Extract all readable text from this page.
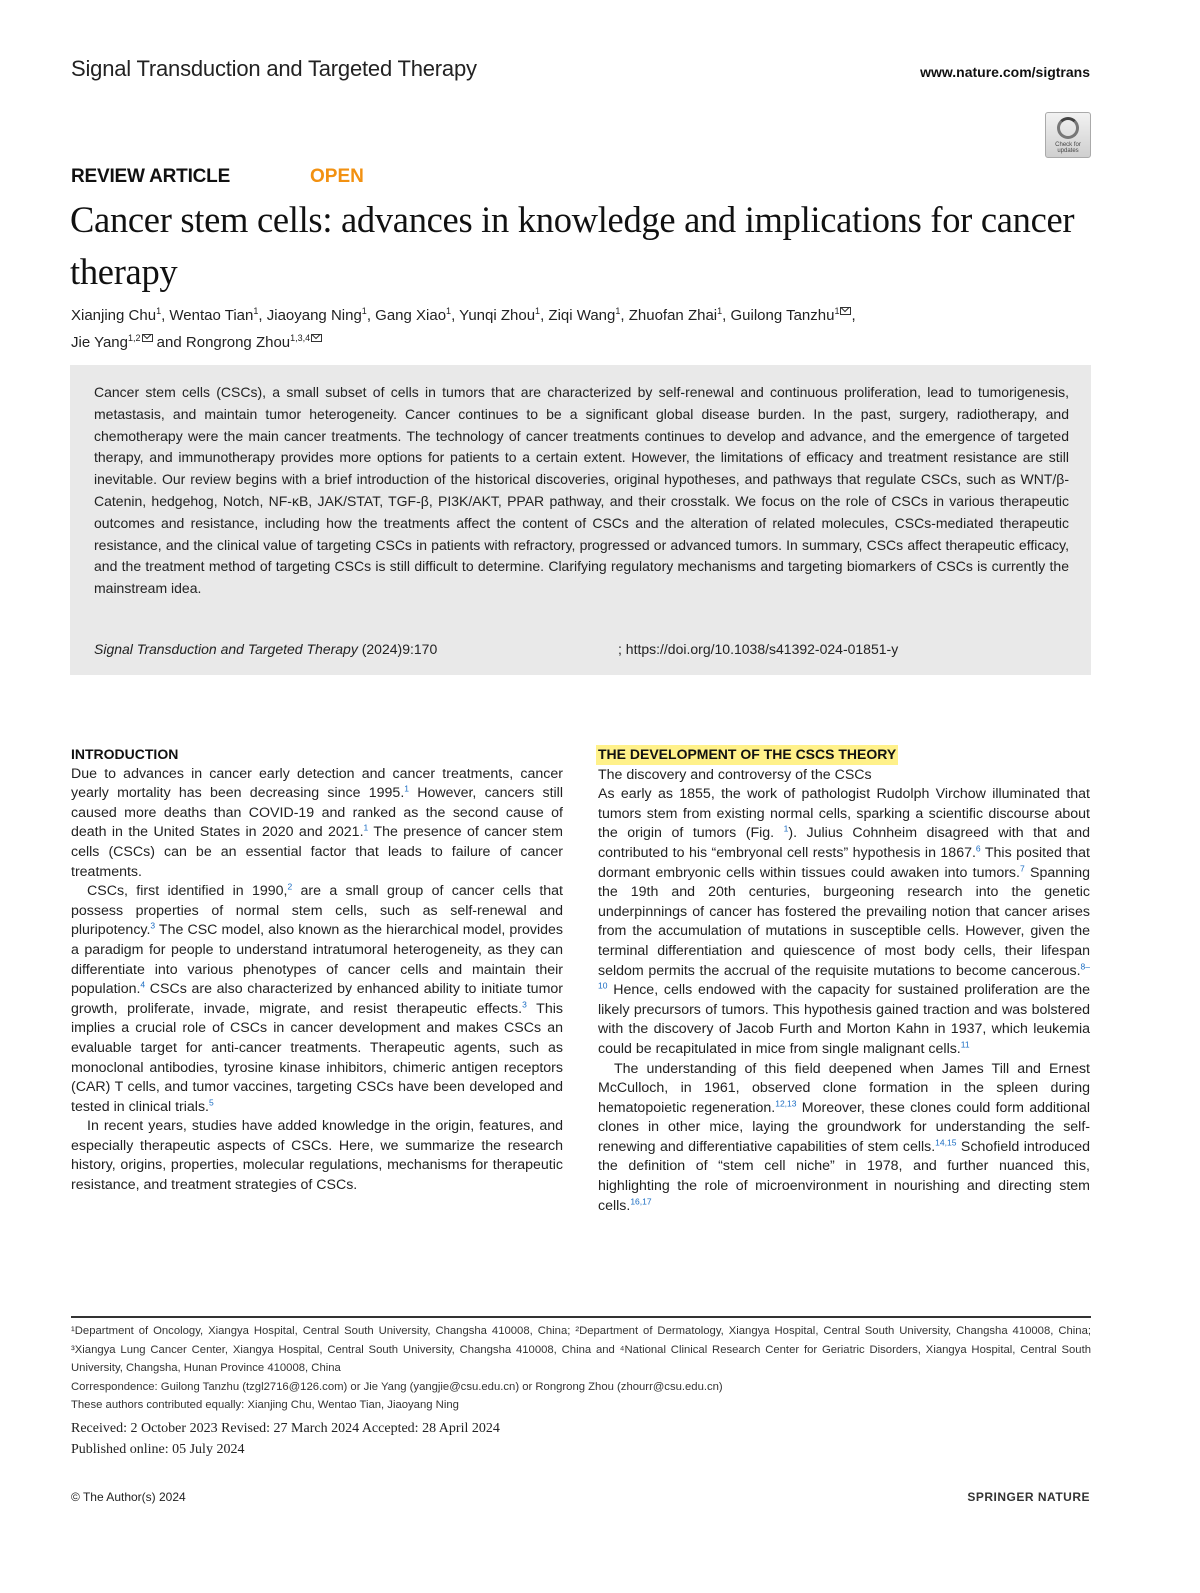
Signal Transduction and Targeted Therapy	www.nature.com/sigtrans
Check for updates
REVIEW ARTICLE	OPEN
Cancer stem cells: advances in knowledge and implications for cancer therapy
Xianjing Chu$^1$, Wentao Tian$^1$, Jiaoyang Ning$^1$, Gang Xiao$^1$, Yunqi Zhou$^1$, Ziqi Wang$^1$, Zhuofan Zhai$^1$, Guilong Tanzhu$^1$ ,
Jie Yang$^{1,2}$ and Rongrong Zhou$^{1,3,4}$
Cancer stem cells (CSCs), a small subset of cells in tumors that are characterized by self-renewal and continuous proliferation, lead to tumorigenesis, metastasis, and maintain tumor heterogeneity. Cancer continues to be a significant global disease burden. In the past, surgery, radiotherapy, and chemotherapy were the main cancer treatments. The technology of cancer treatments continues to develop and advance, and the emergence of targeted therapy, and immunotherapy provides more options for patients to a certain extent. However, the limitations of efficacy and treatment resistance are still inevitable. Our review begins with a brief introduction of the historical discoveries, original hypotheses, and pathways that regulate CSCs, such as WNT/β-Catenin, hedgehog, Notch, NF-κB, JAK/STAT, TGF-β, PI3K/AKT, PPAR pathway, and their crosstalk. We focus on the role of CSCs in various therapeutic outcomes and resistance, including how the treatments affect the content of CSCs and the alteration of related molecules, CSCs-mediated therapeutic resistance, and the clinical value of targeting CSCs in patients with refractory, progressed or advanced tumors. In summary, CSCs affect therapeutic efficacy, and the treatment method of targeting CSCs is still difficult to determine. Clarifying regulatory mechanisms and targeting biomarkers of CSCs is currently the mainstream idea.
Signal Transduction and Targeted Therapy (2024)9:170	; https://doi.org/10.1038/s41392-024-01851-y
INTRODUCTION

Due to advances in cancer early detection and cancer treatments, cancer yearly mortality has been decreasing since 1995.$^1$ However, cancers still caused more deaths than COVID-19 and ranked as the second cause of death in the United States in 2020 and 2021.$^1$ The presence of cancer stem cells (CSCs) can be an essential factor that leads to failure of cancer treatments.

CSCs, first identified in 1990,$^2$ are a small group of cancer cells that possess properties of normal stem cells, such as self-renewal and pluripotency.$^3$ The CSC model, also known as the hierarchical model, provides a paradigm for people to understand intratumoral heterogeneity, as they can differentiate into various phenotypes of cancer cells and maintain their population.$^4$ CSCs are also characterized by enhanced ability to initiate tumor growth, proliferate, invade, migrate, and resist therapeutic effects.$^3$ This implies a crucial role of CSCs in cancer development and makes CSCs an evaluable target for anti-cancer treatments. Therapeutic agents, such as monoclonal antibodies, tyrosine kinase inhibitors, chimeric antigen receptors (CAR) T cells, and tumor vaccines, targeting CSCs have been developed and tested in clinical trials.$^5$

In recent years, studies have added knowledge in the origin, features, and especially therapeutic aspects of CSCs. Here, we summarize the research history, origins, properties, molecular regulations, mechanisms for therapeutic resistance, and treatment strategies of CSCs.

THE DEVELOPMENT OF THE CSCS THEORY
The discovery and controversy of the CSCs

As early as 1855, the work of pathologist Rudolph Virchow illuminated that tumors stem from existing normal cells, sparking a scientific discourse about the origin of tumors (Fig. $^1$). Julius Cohnheim disagreed with that and contributed to his “embryonal cell rests” hypothesis in 1867.$^6$ This posited that dormant embryonic cells within tissues could awaken into tumors.$^7$ Spanning the 19th and 20th centuries, burgeoning research into the genetic underpinnings of cancer has fostered the prevailing notion that cancer arises from the accumulation of mutations in susceptible cells. However, given the terminal differentiation and quiescence of most body cells, their lifespan seldom permits the accrual of the requisite mutations to become cancerous.$^{8-10}$ Hence, cells endowed with the capacity for sustained proliferation are the likely precursors of tumors. This hypothesis gained traction and was bolstered with the discovery of Jacob Furth and Morton Kahn in 1937, which leukemia could be recapitulated in mice from single malignant cells.$^{11}$

The understanding of this field deepened when James Till and Ernest McCulloch, in 1961, observed clone formation in the spleen during hematopoietic regeneration.$^{12,13}$ Moreover, these clones could form additional clones in other mice, laying the groundwork for understanding the self-renewing and differentiative capabilities of stem cells.$^{14,15}$ Schofield introduced the definition of “stem cell niche” in 1978, and further nuanced this, highlighting the role of microenvironment in nourishing and directing stem cells.$^{16,17}$

¹Department of Oncology, Xiangya Hospital, Central South University, Changsha 410008, China; ²Department of Dermatology, Xiangya Hospital, Central South University, Changsha 410008, China; ³Xiangya Lung Cancer Center, Xiangya Hospital, Central South University, Changsha 410008, China and ⁴National Clinical Research Center for Geriatric Disorders, Xiangya Hospital, Central South University, Changsha, Hunan Province 410008, China
Correspondence: Guilong Tanzhu (tzgl2716@126.com) or Jie Yang (yangjie@csu.edu.cn) or Rongrong Zhou (zhourr@csu.edu.cn)
These authors contributed equally: Xianjing Chu, Wentao Tian, Jiaoyang Ning
Received: 2 October 2023 Revised: 27 March 2024 Accepted: 28 April 2024
Published online: 05 July 2024
© The Author(s) 2024	SPRINGER NATURE
